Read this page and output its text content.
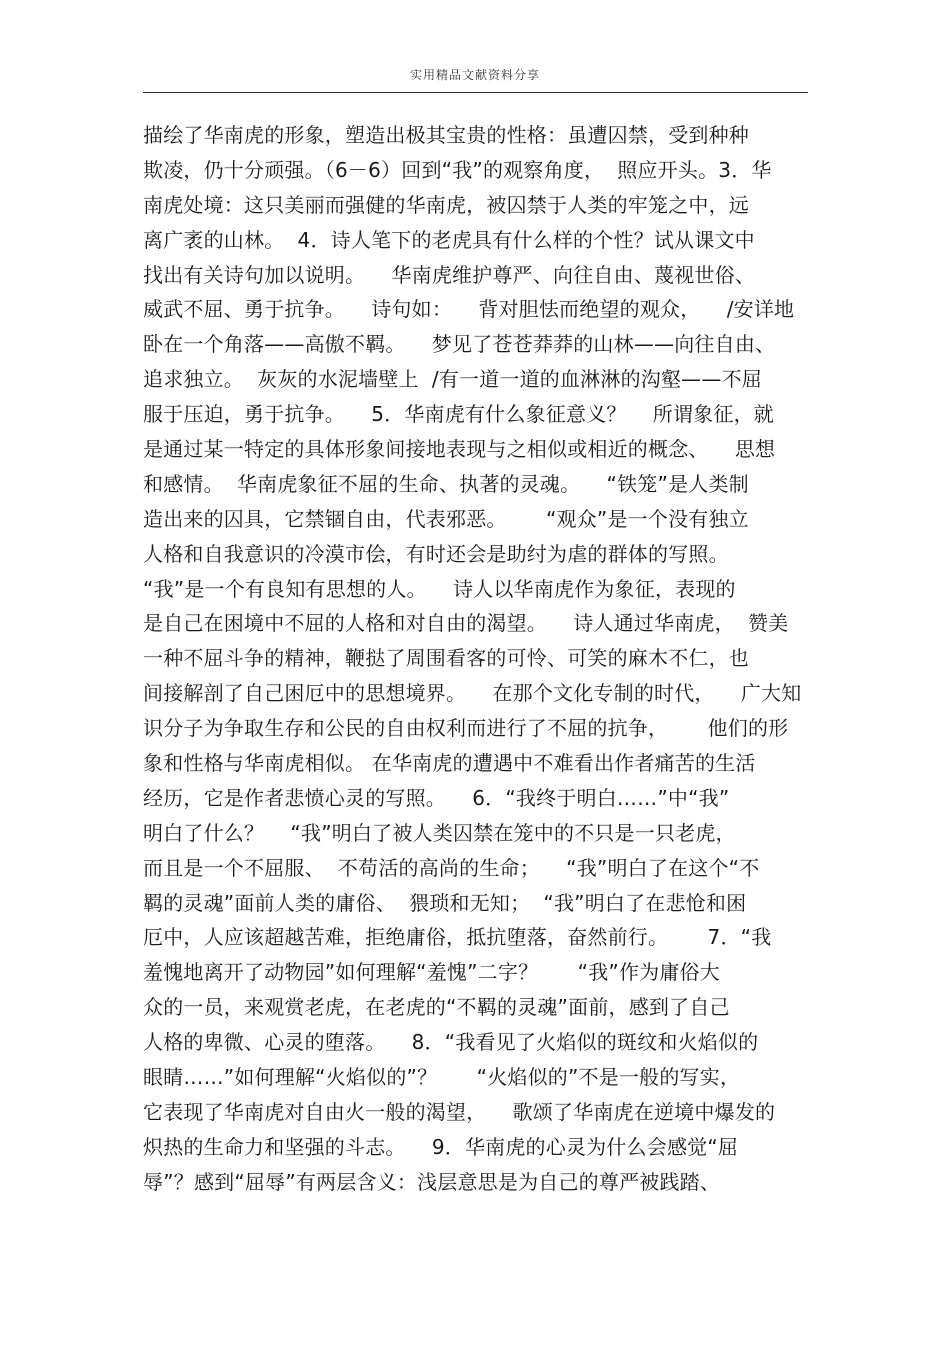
实用精品文献资料分享
描绘了华南虎的形象，塑造出极其宝贵的性格：虽遭囚禁，受到种种
欺凌，仍十分顽强。（6－6）回到“我”的观察角度，  照应开头。3．华
南虎处境：这只美丽而强健的华南虎，被囚禁于人类的牢笼之中，远
离广袤的山林。  4．诗人笔下的老虎具有什么样的个性？试从课文中
找出有关诗句加以说明。    华南虎维护尊严、向往自由、蔑视世俗、
威武不屈、勇于抗争。    诗句如：    背对胆怯而绝望的观众，    /安详地
卧在一个角落——高傲不羁。    梦见了苍苍莽莽的山林——向往自由、
追求独立。  灰灰的水泥墙壁上  /有一道一道的血淋淋的沟壑——不屈
服于压迫，勇于抗争。    5．华南虎有什么象征意义？    所谓象征，就
是通过某一特定的具体形象间接地表现与之相似或相近的概念、    思想
和感情。  华南虎象征不屈的生命、执著的灵魂。    “铁笼”是人类制
造出来的囚具，它禁锢自由，代表邪恶。      “观众”是一个没有独立
人格和自我意识的冷漠市侩，有时还会是助纣为虐的群体的写照。
“我”是一个有良知有思想的人。    诗人以华南虎作为象征，表现的
是自己在困境中不屈的人格和对自由的渴望。    诗人通过华南虎，  赞美
一种不屈斗争的精神，鞭挞了周围看客的可怜、可笑的麻木不仁，也
间接解剖了自己困厄中的思想境界。    在那个文化专制的时代，    广大知
识分子为争取生存和公民的自由权利而进行了不屈的抗争，      他们的形
象和性格与华南虎相似。 在华南虎的遭遇中不难看出作者痛苦的生活
经历，它是作者悲愤心灵的写照。    6．“我终于明白……”中“我”
明白了什么？    “我”明白了被人类囚禁在笼中的不只是一只老虎，
而且是一个不屈服、  不苟活的高尚的生命；    “我”明白了在这个“不
羁的灵魂”面前人类的庸俗、  猥琐和无知；  “我”明白了在悲怆和困
厄中，人应该超越苦难，拒绝庸俗，抵抗堕落，奋然前行。      7．“我
羞愧地离开了动物园”如何理解“羞愧”二字？      “我”作为庸俗大
众的一员，来观赏老虎，在老虎的“不羁的灵魂”面前，感到了自己
人格的卑微、心灵的堕落。    8．“我看见了火焰似的斑纹和火焰似的
眼睛……”如何理解“火焰似的”？      “火焰似的”不是一般的写实，
它表现了华南虎对自由火一般的渴望，    歌颂了华南虎在逆境中爆发的
炽热的生命力和坚强的斗志。    9．华南虎的心灵为什么会感觉“屈
辱”？感到“屈辱”有两层含义：浅层意思是为自己的尊严被践踏、
